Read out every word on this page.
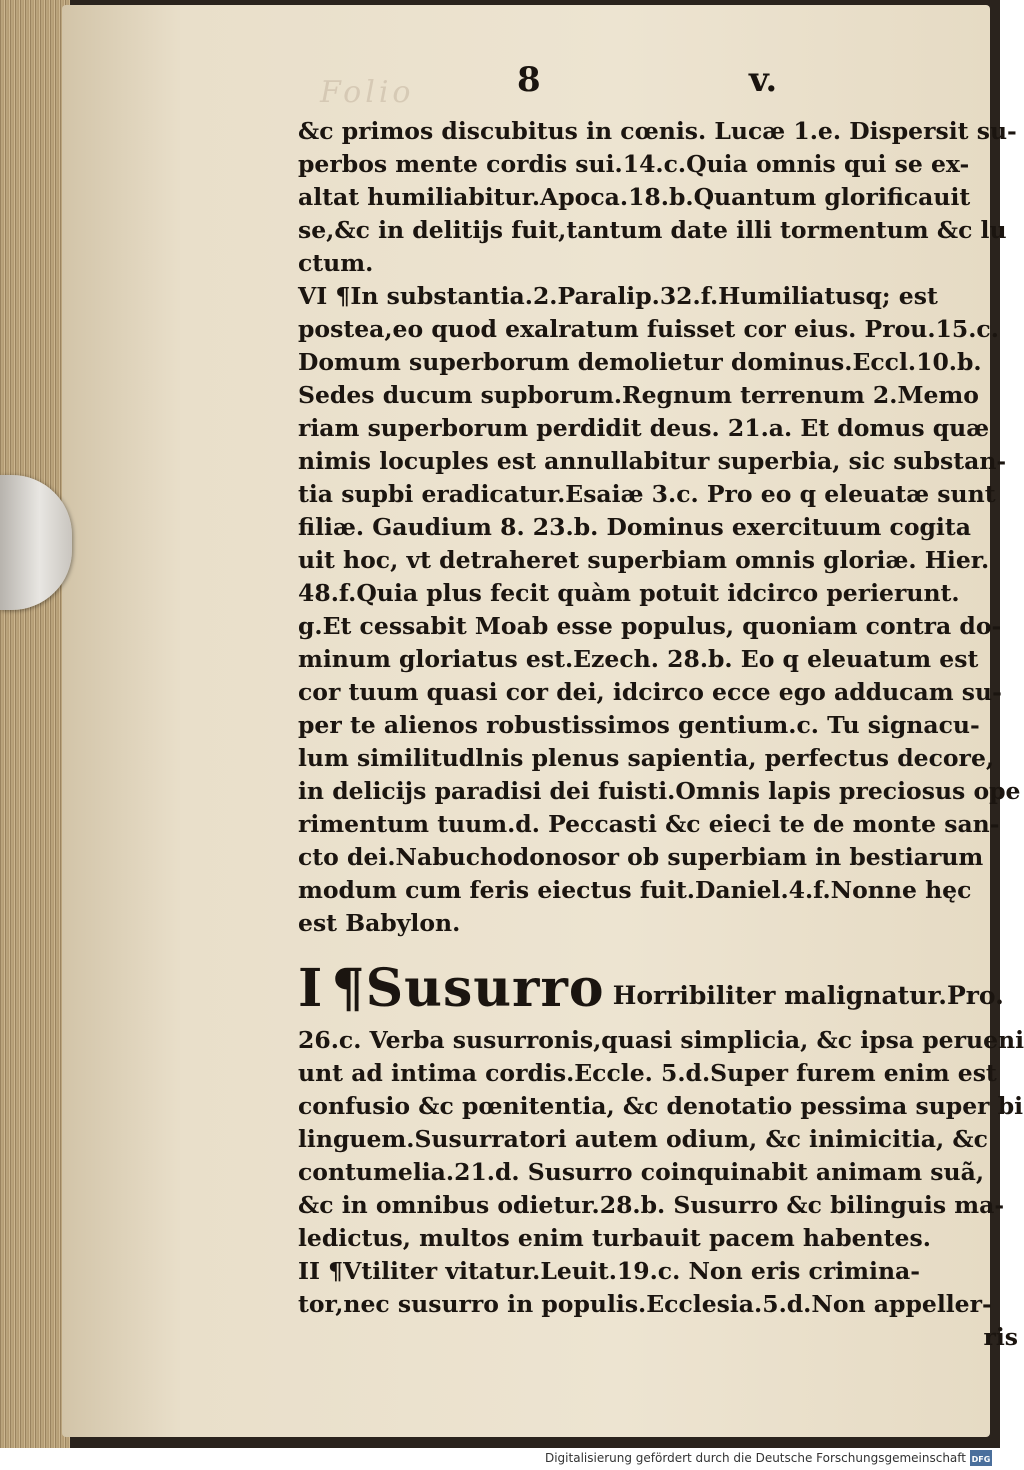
Folio	8	v.
&c primos discubitus in cœnis. Lucæ 1.e. Dispersit su-
perbos mente cordis sui.14.c.Quia omnis qui se ex-
altat humiliabitur.Apoca.18.b.Quantum glorificauit
se,&c in delitijs fuit,tantum date illi tormentum &c lu
ctum.
VI ¶In substantia.2.Paralip.32.f.Humiliatusq; est
postea,eo quod exalratum fuisset cor eius. Prou.15.c.
Domum superborum demolietur dominus.Eccl.10.b.
Sedes ducum supborum.Regnum terrenum 2.Memo
riam superborum perdidit deus. 21.a. Et domus quæ
nimis locuples est annullabitur superbia, sic substan-
tia supbi eradicatur.Esaiæ 3.c. Pro eo q eleuatæ sunt
filiæ. Gaudium 8. 23.b. Dominus exercituum cogita
uit hoc, vt detraheret superbiam omnis gloriæ. Hier.
48.f.Quia plus fecit quàm potuit idcirco perierunt.
g.Et cessabit Moab esse populus, quoniam contra do-
minum gloriatus est.Ezech. 28.b. Eo q eleuatum est
cor tuum quasi cor dei, idcirco ecce ego adducam su-
per te alienos robustissimos gentium.c. Tu signacu-
lum similitudlnis plenus sapientia, perfectus decore,
in delicijs paradisi dei fuisti.Omnis lapis preciosus ope
rimentum tuum.d. Peccasti &c eieci te de monte san-
cto dei.Nabuchodonosor ob superbiam in bestiarum
modum cum feris eiectus fuit.Daniel.4.f.Nonne hęc
est Babylon.
I ¶Susurro Horribiliter malignatur.Pro.
26.c. Verba susurronis,quasi simplicia, &c ipsa perueni
unt ad intima cordis.Eccle. 5.d.Super furem enim est
confusio &c pœnitentia, &c denotatio pessima super bi
linguem.Susurratori autem odium, &c inimicitia, &c
contumelia.21.d. Susurro coinquinabit animam suã,
&c in omnibus odietur.28.b. Susurro &c bilinguis ma-
ledictus, multos enim turbauit pacem habentes.
II ¶Vtiliter vitatur.Leuit.19.c. Non eris crimina-
tor,nec susurro in populis.Ecclesia.5.d.Non appeller-
ris
Digitalisierung gefördert durch die Deutsche Forschungsgemeinschaft DFG
